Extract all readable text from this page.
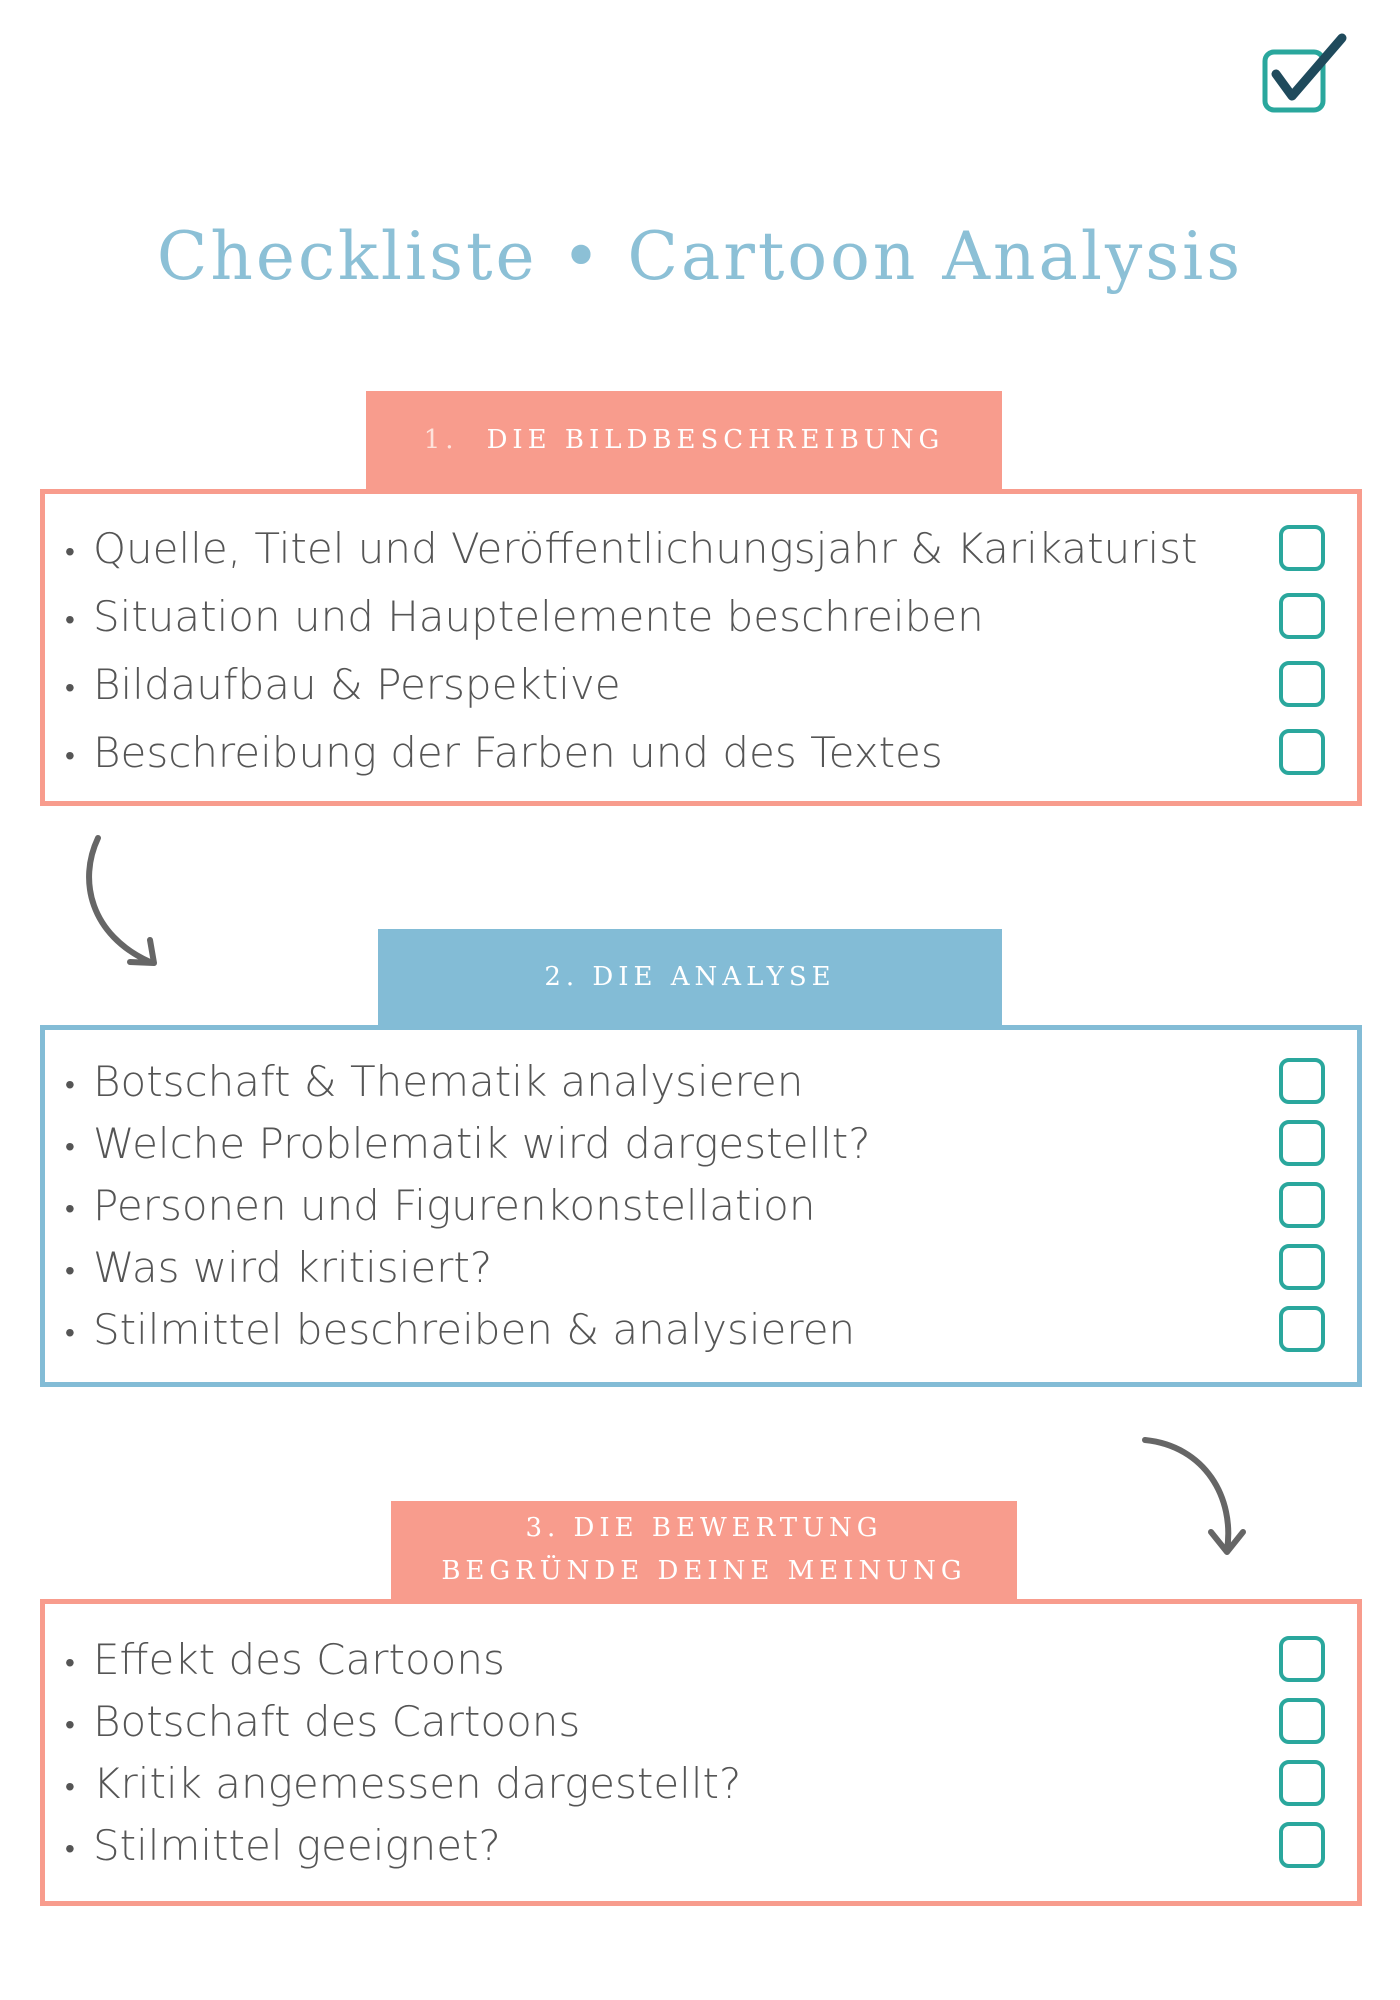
Checkliste • Cartoon Analysis
1. DIE BILDBESCHREIBUNG
• Quelle, Titel und Veröffentlichungsjahr & Karikaturist
• Situation und Hauptelemente beschreiben
• Bildaufbau & Perspektive
• Beschreibung der Farben und des Textes
2. DIE ANALYSE
• Botschaft & Thematik analysieren
• Welche Problematik wird dargestellt?
• Personen und Figurenkonstellation
• Was wird kritisiert?
• Stilmittel beschreiben & analysieren
3. DIE BEWERTUNG
BEGRÜNDE DEINE MEINUNG
• Effekt des Cartoons
• Botschaft des Cartoons
• Kritik angemessen dargestellt?
• Stilmittel geeignet?
